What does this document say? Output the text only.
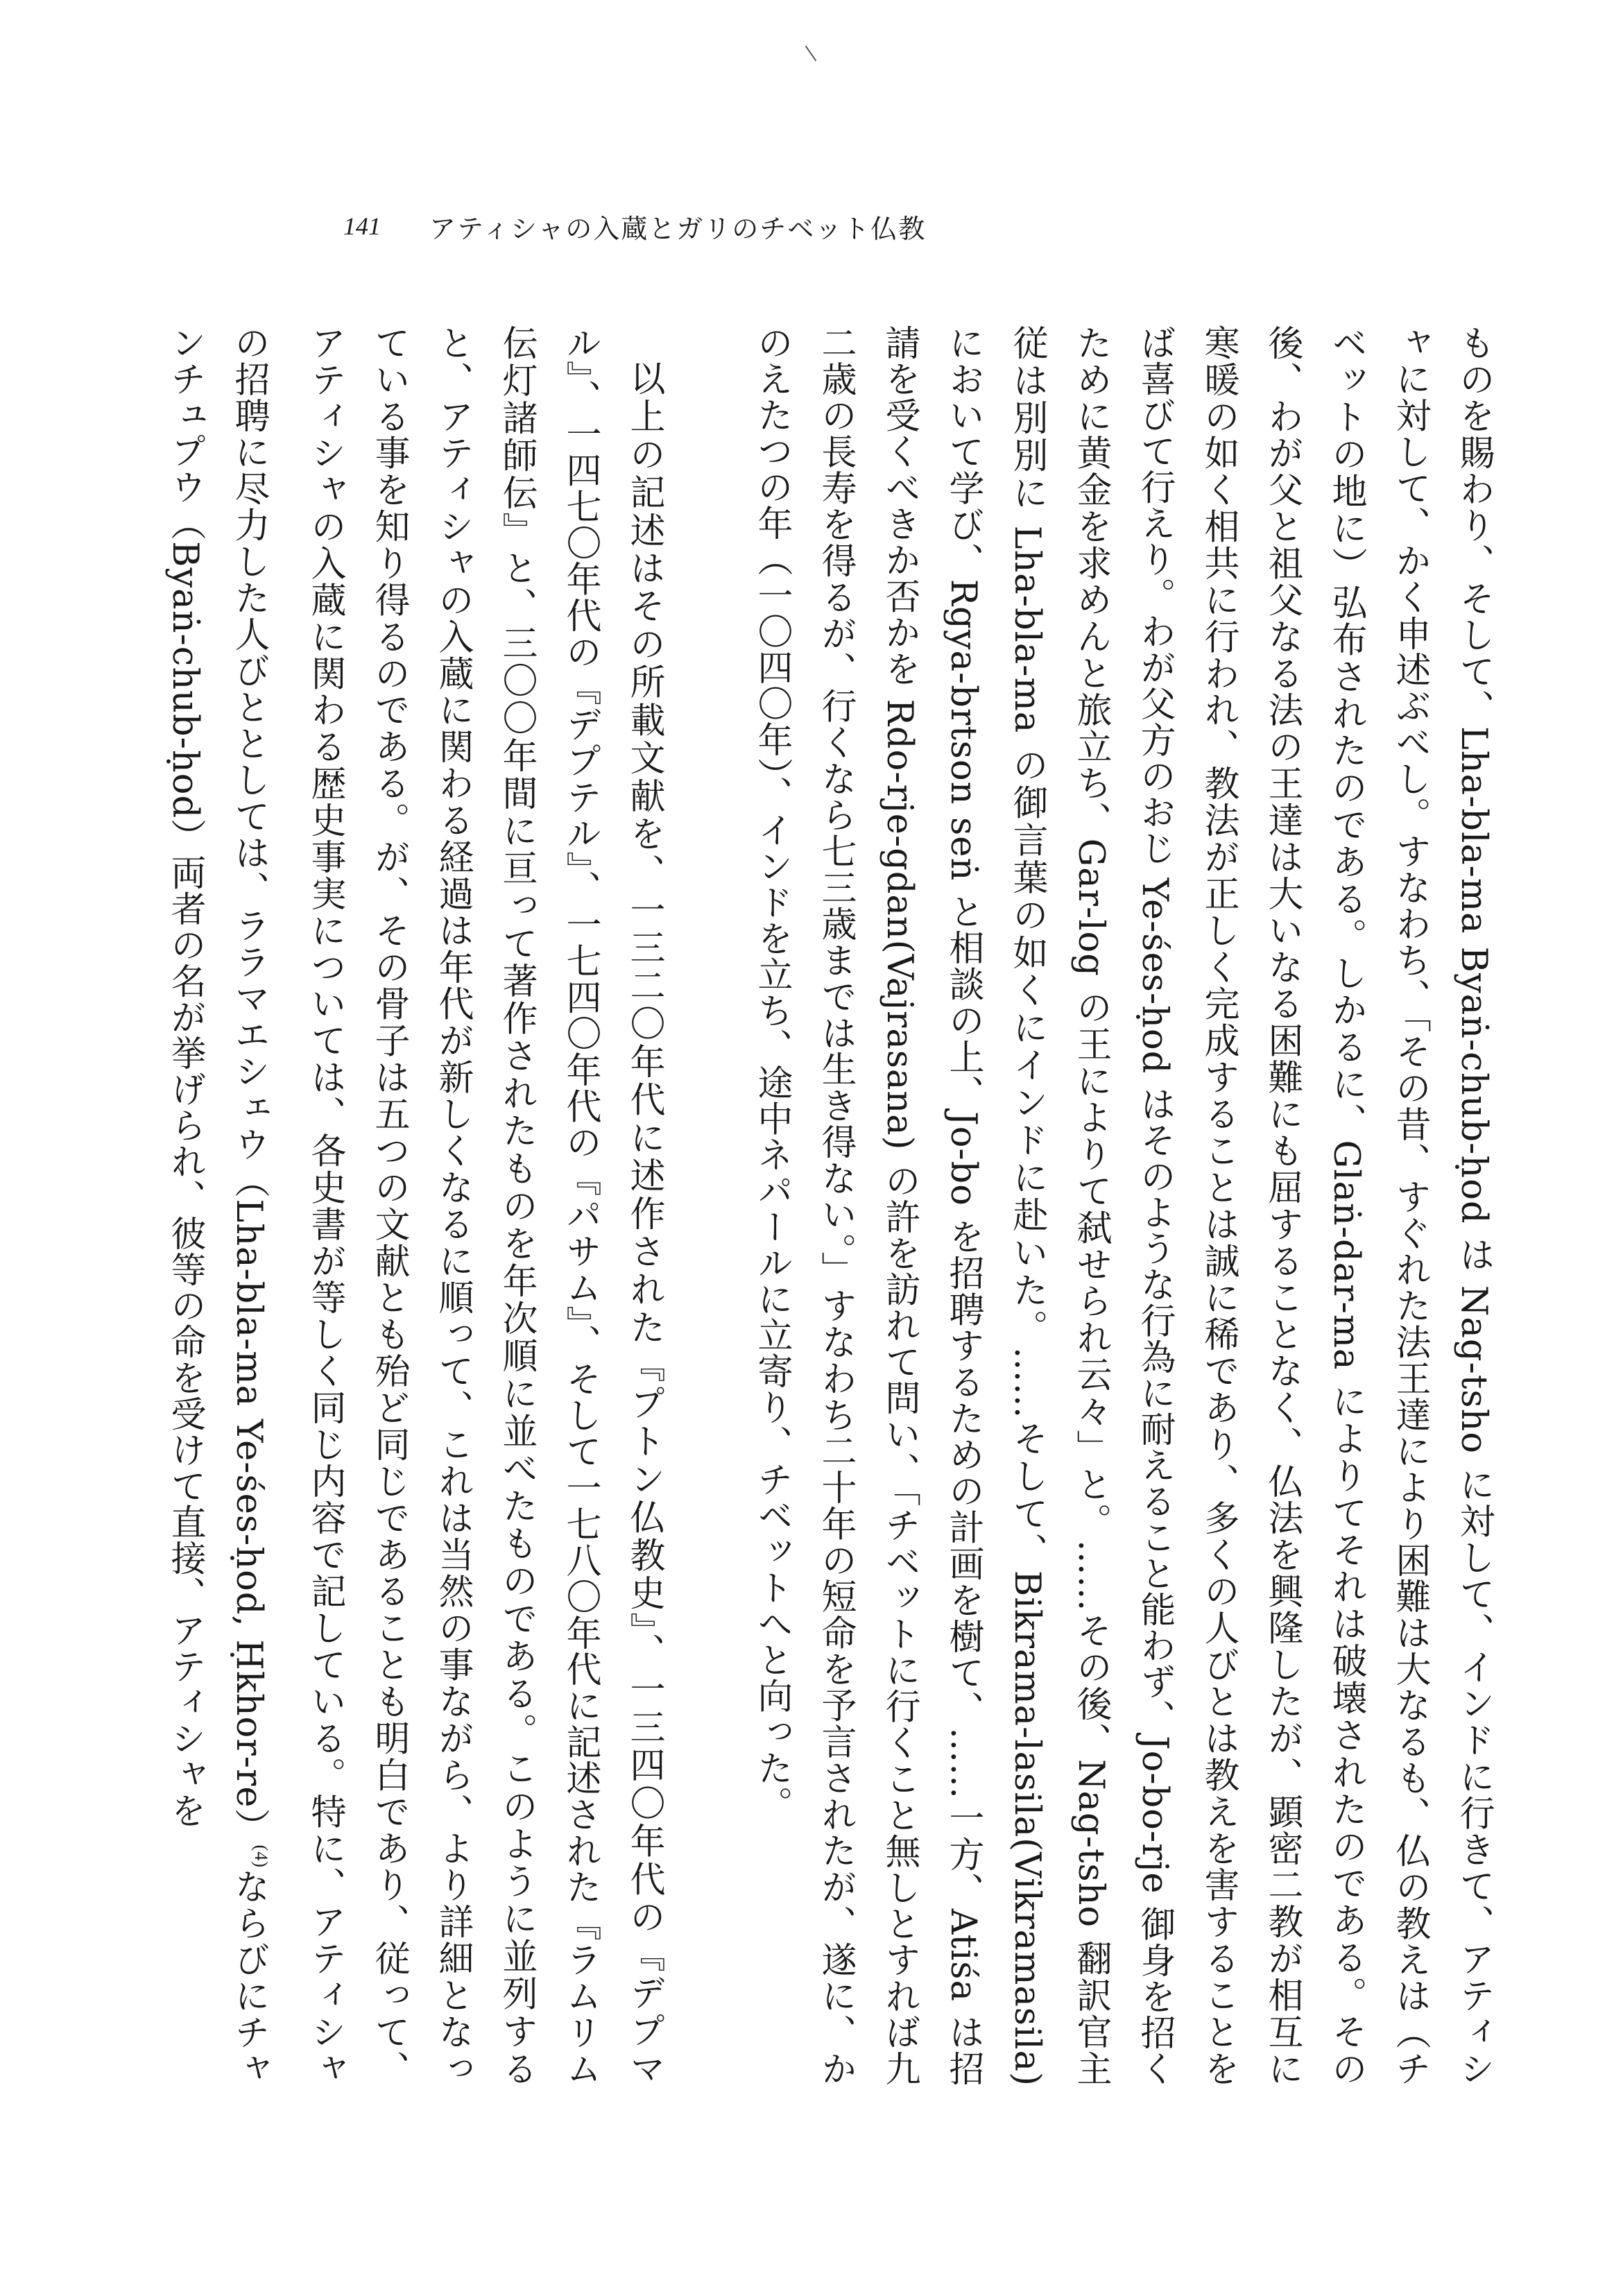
141 アティシャの入蔵とガリのチベット仏教

ものを賜わり、そして、Lha-bla-ma Byaṅ-chub-ḥod は Nag-tsho に対して、インドに行きて、アティシャに対して、かく申述ぶべし。すなわち、「その昔、すぐれた法王達により困難は大なるも、仏の教えは（チベットの地に）弘布されたのである。しかるに、Glaṅ-dar-ma によりてそれは破壊されたのである。その後、わが父と祖父なる法の王達は大いなる困難にも屈することなく、仏法を興隆したが、顕密二教が相互に寒暖の如く相共に行われ、教法が正しく完成することは誠に稀であり、多くの人びとは教えを害することをば喜びて行えり。わが父方のおじ Ye-śes-ḥod はそのような行為に耐えること能わず、Jo-bo-rje 御身を招くために黄金を求めんと旅立ち、Gar-log の王によりて弑せられ云々」と。……その後、Nag-tsho 翻訳官主従は別別に Lha-bla-ma の御言葉の如くにインドに赴いた。……そして、Bikrama-lasila(Vikramasila) において学び、Rgya-brtson seṅ と相談の上、Jo-bo を招聘するための計画を樹て、……一方、Atiśa は招請を受くべきか否かを Rdo-rje-gdan(Vajrasana) の許を訪れて問い、「チベットに行くこと無しとすれば九二歳の長寿を得るが、行くなら七三歳までは生き得ない。」すなわち二十年の短命を予言されたが、遂に、かのえたつの年（一〇四〇年）、インドを立ち、途中ネパールに立寄り、チベットへと向った。

以上の記述はその所載文献を、一三二〇年代に述作された『プトン仏教史』、一三四〇年代の『デプマル』、一四七〇年代の『デプテル』、一七四〇年代の『パサム』、そして一七八〇年代に記述された『ラムリム伝灯諸師伝』と、三〇〇年間に亘って著作されたものを年次順に並べたものである。このように並列すると、アティシャの入蔵に関わる経過は年代が新しくなるに順って、これは当然の事ながら、より詳細となっている事を知り得るのである。が、その骨子は五つの文献とも殆ど同じであることも明白であり、従って、アティシャの入蔵に関わる歴史事実については、各史書が等しく同じ内容で記している。特に、アティシャの招聘に尽力した人びととしては、ララマエシェウ（Lha-bla-ma Ye-śes-ḥod, Ḥkhor-re）$^{(4)}$ならびにチャンチュプウ（Byaṅ-chub-ḥod）両者の名が挙げられ、彼等の命を受けて直接、アティシャを
